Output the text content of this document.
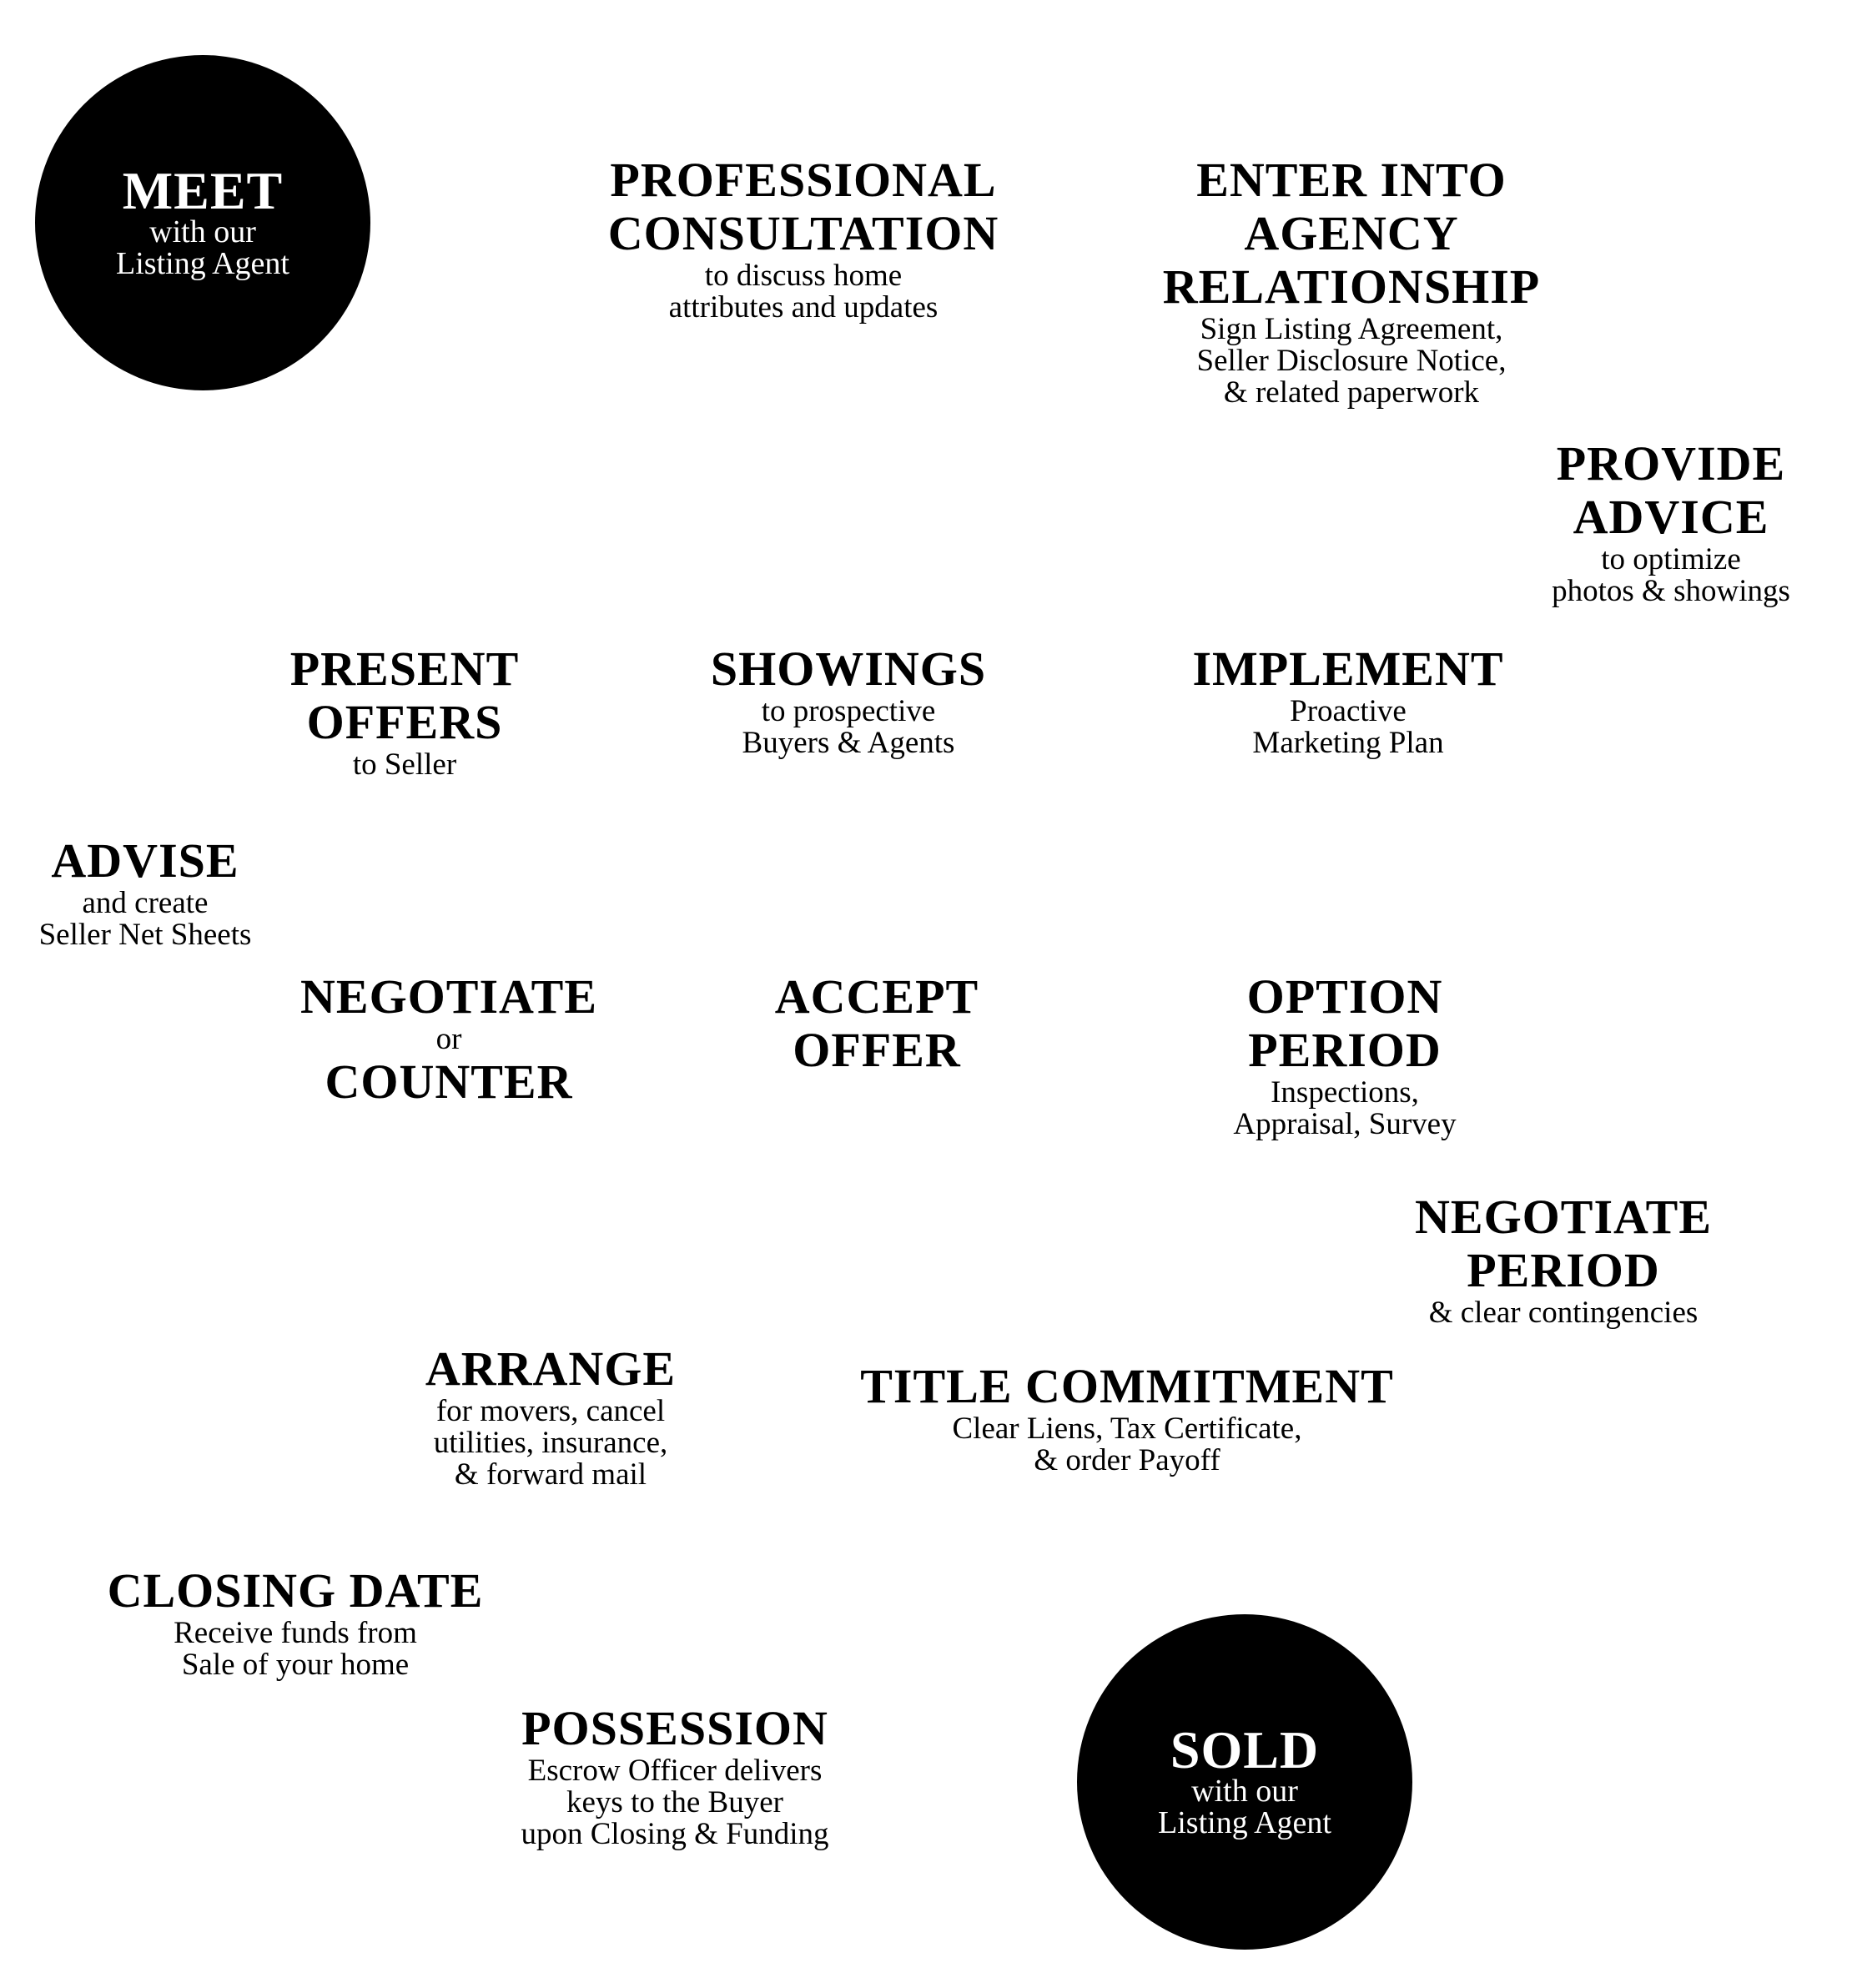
MEET
with our
Listing Agent
SOLD
with our
Listing Agent
PROFESSIONAL
CONSULTATION
to discuss home
attributes and updates
ENTER INTO
AGENCY
RELATIONSHIP
Sign Listing Agreement,
Seller Disclosure Notice,
& related paperwork
PROVIDE
ADVICE
to optimize
photos & showings
IMPLEMENT
Proactive
Marketing Plan
SHOWINGS
to prospective
Buyers & Agents
PRESENT
OFFERS
to Seller
ADVISE
and create
Seller Net Sheets
NEGOTIATE
or
COUNTER
ACCEPT
OFFER
OPTION
PERIOD
Inspections,
Appraisal, Survey
NEGOTIATE
PERIOD
& clear contingencies
TITLE COMMITMENT
Clear Liens, Tax Certificate,
& order Payoff
ARRANGE
for movers, cancel
utilities, insurance,
& forward mail
CLOSING DATE
Receive funds from
Sale of your home
POSSESSION
Escrow Officer delivers
keys to the Buyer
upon Closing & Funding
